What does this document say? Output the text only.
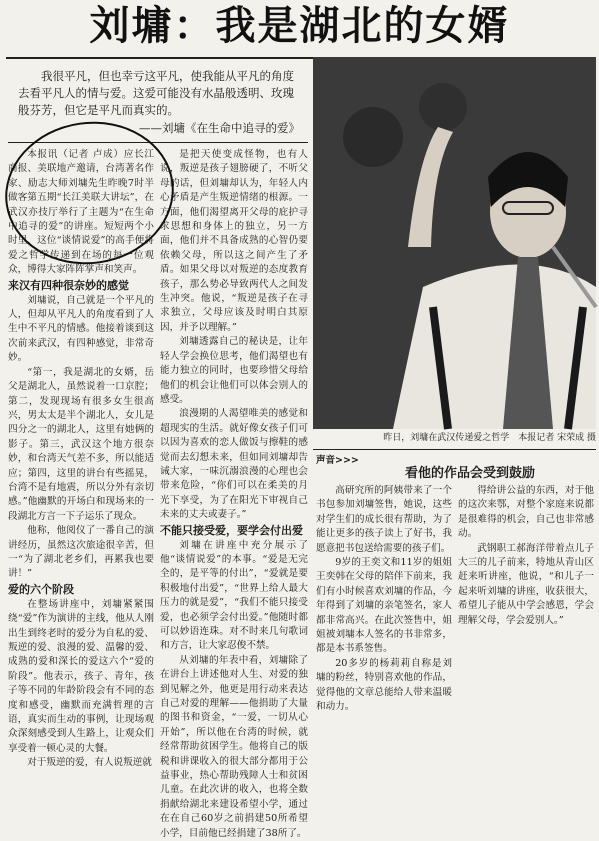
刘墉：我是湖北的女婿
我很平凡，但也幸亏这平凡，使我能从平凡的角度去看平凡人的情与爱。这爱可能没有水晶般透明、玫瑰般芬芳，但它是平凡而真实的。
——刘墉《在生命中追寻的爱》

本报讯（记者 卢成）应长江商报、美联地产邀请，台湾著名作家、励志大师刘墉先生昨晚7时半做客第五期“长江美联大讲坛”，在武汉亦技厅举行了主题为“在生命中追寻的爱”的讲座。短短两个小时里，这位“谈情说爱”的高手便将爱之哲学传递到在场的每一位观众，博得大家阵阵掌声和笑声。

来汉有四种很奈妙的感觉

刘墉说，自己就是一个平凡的人，但却从平凡人的角度看到了人生中不平凡的情感。他接着谈到这次前来武汉，有四种感觉，非常奇妙。

“第一，我是湖北的女婿，岳父是湖北人，虽然说着一口京腔；第二，发现现场有很多女生很高兴，男太太是半个湖北人，女儿是四分之一的湖北人，这里有她俩的影子。第三，武汉这个地方很奈妙，和台湾天气差不多，所以能适应；第四，这里的讲台有些摇晃，台湾不是有地震，所以分外有亲切感。”他幽默的开场白和现场来的一段湖北方言一下子运乐了现众。

他称，他阅仪了一番自己的演讲经历，虽然这次旅途很辛苦，但一“为了湖北老乡们，再累我也要讲！”

爱的六个阶段

在整场讲座中，刘墉紧紧围绕“爱”作为演讲的主线，他从人刚出生到终老时的爱分为自私的爱、叛逆的爱、浪漫的爱、温馨的爱、成熟的爱和深长的爱这六个“爱的阶段”。他表示，孩子、青年，孩子等不同的年龄阶段会有不同的态度和感受，幽默而充满哲理的言语，真实而生动的事例，让现场观众深刻感受到人生路上，让观众们享受着一顿心灵的大餐。

对于叛逆的爱，有人说叛逆就

是把天使变成怪物，也有人说，叛逆是孩子翅膀硬了，不听父母的话，但刘墉却认为，年轻人内心矛盾是产生叛逆情绪的根源。一方面，他们渴望离开父母的庇护寻求思想和身体上的独立，另一方面，他们并不具备成熟的心智仍要依赖父母，所以这之间产生了矛盾。如果父母以对叛逆的态度教育孩子，那么势必导致两代人之间发生冲突。他说，“叛逆是孩子在寻求独立，父母应该及时明白其原因，并予以理解。”

刘墉透露自己的秘诀是，让年轻人学会换位思考，他们渴望也有能力独立的同时，也要珍惜父母给他们的机会让他们可以体会别人的感受。

浪漫期的人渴望唯美的感觉和超现实的生活。就好像女孩子们可以因为喜欢的恋人做饭与擦鞋的感觉而去幻想未来，但如同刘墉却告诫大家，一味沉溺浪漫的心理也会带来危险，“你们可以在柔美的月光下享受，为了在阳光下审视自己未来的丈夫或妻子。”

不能只接受爱，要学会付出爱

刘墉在讲座中充分展示了他“谈情说爱”的本事。“爱是无完全的，是平等的付出”，“爱就是要积极地付出爱”，“世界上给人最大压力的就是爱”，“我们不能只接受爱，也必须学会付出爱。”他随时都可以妙语连珠。对不时来几句歌词和方言，让大家忍俊不禁。

从刘墉的年表中看，刘墉除了在讲台上讲述他对人生、对爱的独到见解之外，他更是用行动来表达自己对爱的理解——他捐助了大量的图书和资金，“一爱，一切从心开始”，所以他在台湾的时候，就经常帮助贫困学生。他将自己的版税和讲课收入的很大部分都用于公益事业，热心帮助残障人士和贫困儿童。在此次讲的收入，也将全数捐献给湖北来建设希望小学，通过在在自己60岁之前捐建50所希望小学，目前他已经捐建了38所了。

昨日，刘墉在武汉传递爱之哲学　本报记者 宋荣成 摄
声音>>>
看他的作品会受到鼓励

高研究所的阿姨带来了一个书包参加刘墉签售，她说，这些对学生们的成长很有帮助，为了能让更多的孩子读上了好书，我愿意把书包送给需要的孩子们。

9岁的王奕文和11岁的姐姐王奕韩在父母的陪伴下前来，我们有小时候喜欢刘墉的作品，今年得到了刘墉的亲笔签名，家人都非常高兴。在此次签售中，姐姐被刘墉本人签名的书非常多，都是本书系签售。

20多岁的杨莉莉自称是刘墉的粉丝，特别喜欢他的作品，觉得他的文章总能给人带来温暖和动力。

得给讲公益的东西，对于他的这次来鄂，对整个家庭来说都是很难得的机会，自己也非常感动。

武钢职工郝海洋带着点儿子大三的儿子前来，特地从青山区赶来听讲座，他说，“和儿子一起来听刘墉的讲座，收获很大，希望儿子能从中学会感恩，学会理解父母，学会爱别人。”
